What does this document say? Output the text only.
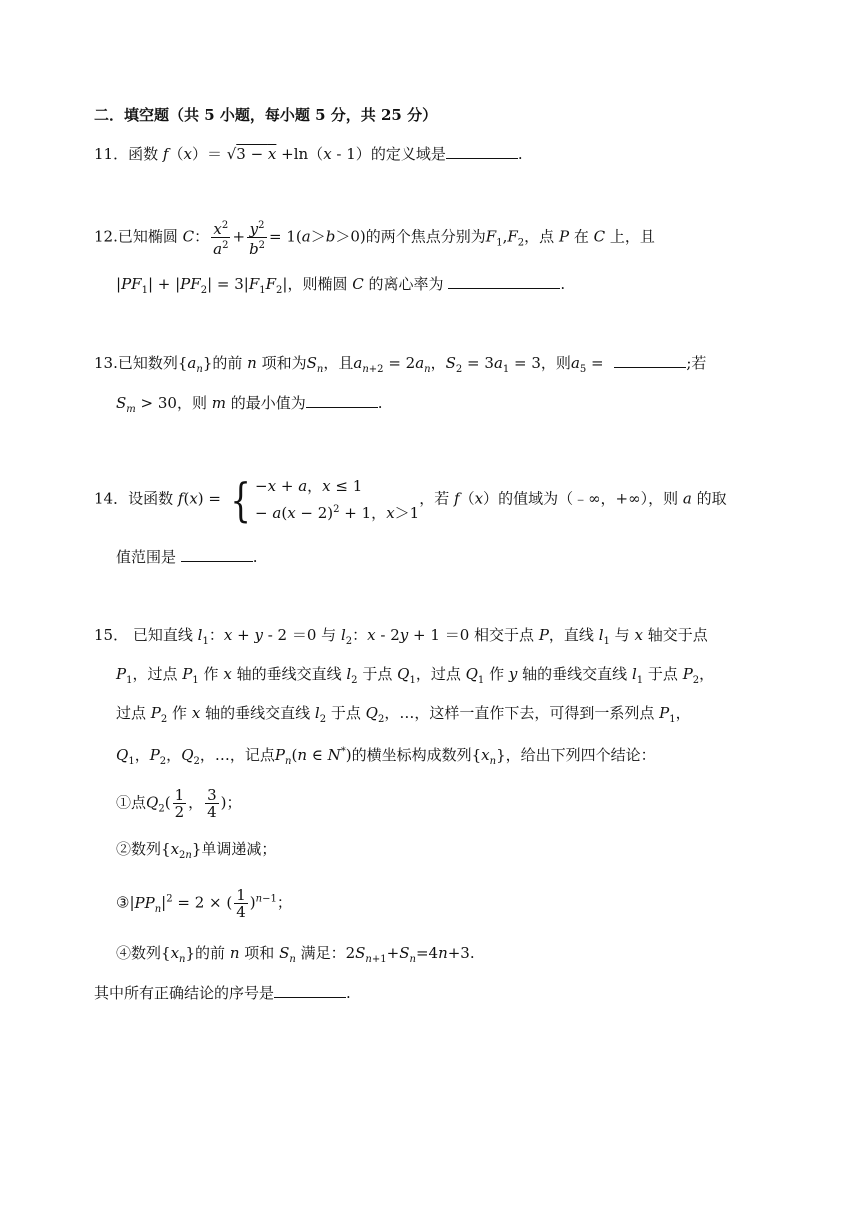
二．填空题（共 5 小题，每小题 5 分，共 25 分）
11．函数 f（x）＝ √3 − x +ln（x - 1）的定义域是	.
12.已知椭圆 C： $\frac{x^2}{a^2} + \frac{y^2}{b^2} = 1(a>b>0)$的两个焦点分别为$F_1,F_2$，点 P 在 C 上，且
$|PF_1| + |PF_2| = 3|F_1F_2|$，则椭圆 C 的离心率为	.
13.已知数列$\{a_n\}$的前 n 项和为$S_n$，且$a_{n+2} = 2a_n$，$S_2 = 3a_1 = 3$，则$a_5$ =	;若
$S_m > 30$，则 m 的最小值为	.
14．设函数 f(x) = { −x + a，x ≤ 1
− $a(x - 2)^2 + 1$，x＞1
，若 f（x）的值域为（﹣∞，+∞），则 a 的取
值范围是	.
15． 已知直线 $l_1$：x + y - 2 ＝0 与 $l_2$：x - 2y + 1 ＝0 相交于点 P，直线 $l_1$ 与 x 轴交于点
$P_1$，过点 $P_1$ 作 x 轴的垂线交直线 $l_2$ 于点 $Q_1$，过点 $Q_1$ 作 y 轴的垂线交直线 $l_1$ 于点 $P_2$，
过点 $P_2$ 作 x 轴的垂线交直线 $l_2$ 于点 $Q_2$，…，这样一直作下去，可得到一系列点 $P_1$，
$Q_1$，$P_2$，$Q_2$，…，记点$P_n(n$ ∈ N*)的横坐标构成数列$\{x_n\}$，给出下列四个结论：
①点$Q_2( \frac{1}{2}$ ， $\frac{3}{4}$ )；
②数列$\{x_{2n}\}$单调递减；
$③|PP_n|^2 = 2$ × ( $\frac{1}{4} )^{n-1}$；
④数列$\{x_n\}$的前 n 项和 $S_n$ 满足：$2S_{n+1}+S_n=4n+3$.
其中所有正确结论的序号是	.
